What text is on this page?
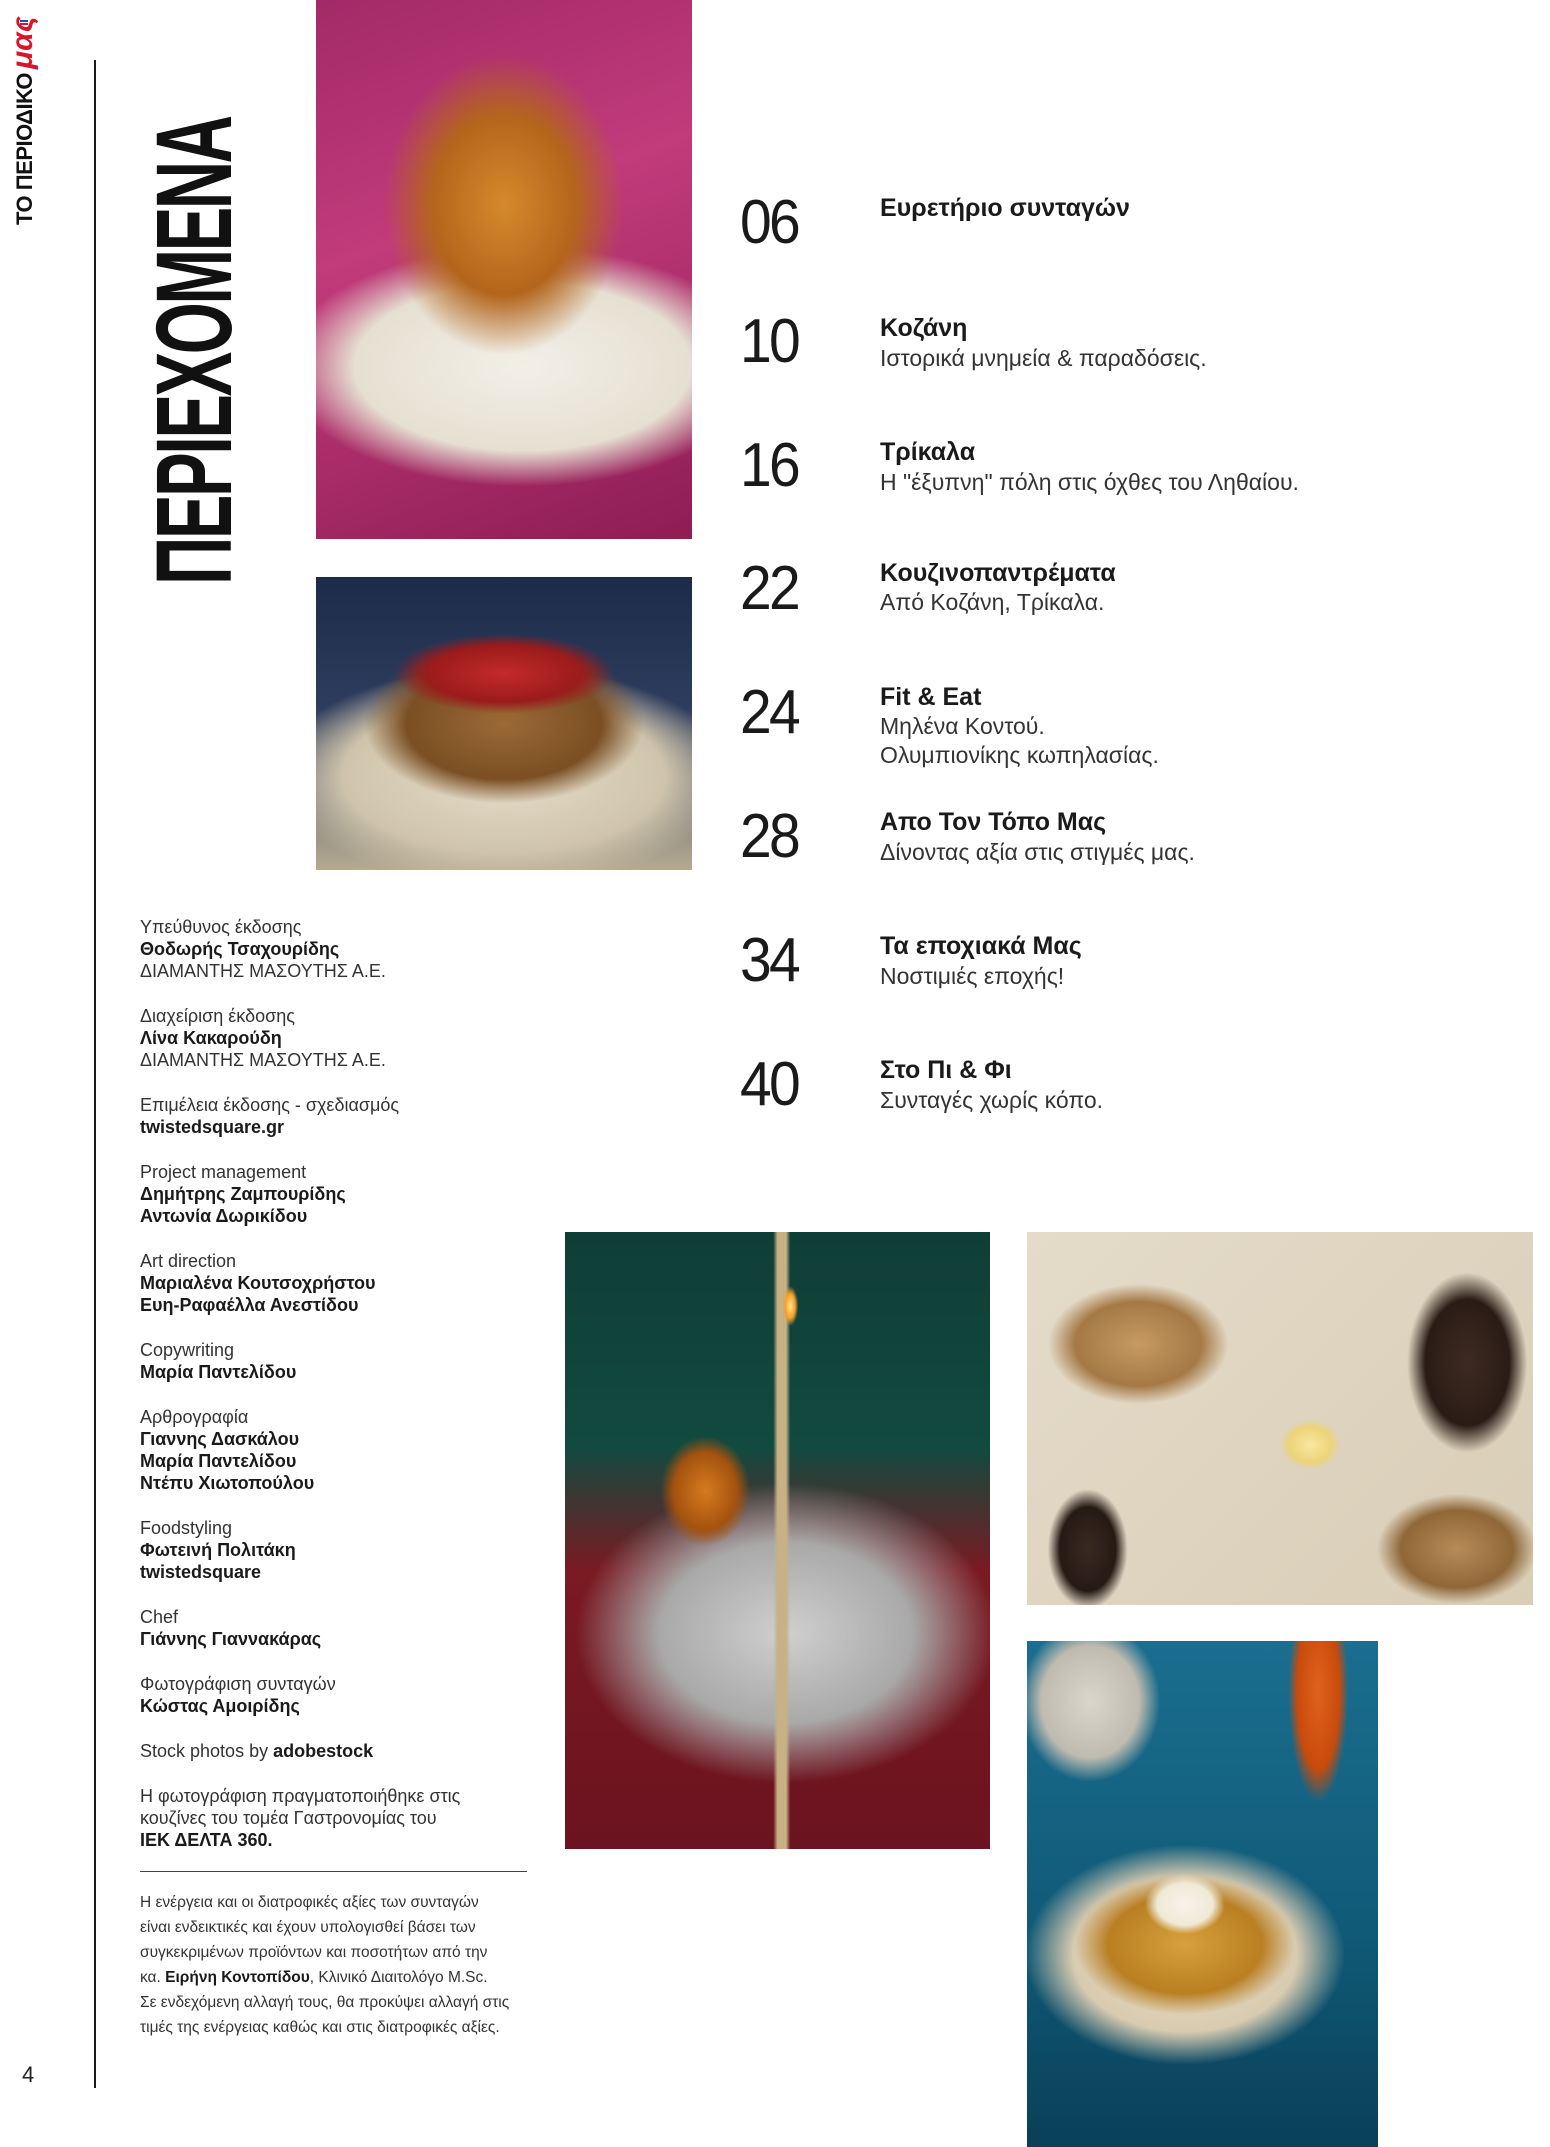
ΤΟ ΠΕΡΙΟΔΙΚΟμας
4
ΠΕΡΙΕΧΟΜΕΝΑ	06	Ευρετήριο συνταγών
10	Κοζάνη
Ιστορικά μνημεία & παραδόσεις.
16	Τρίκαλα
Η "έξυπνη" πόλη στις όχθες του Ληθαίου.
22	Κουζινοπαντρέματα
Από Κοζάνη, Τρίκαλα.
24	Fit & Eat
Μηλένα Κοντού.
Ολυμπιονίκης κωπηλασίας.
28	Απο Τον Τόπο Μας
Δίνοντας αξία στις στιγμές μας.
34	Τα εποχιακά Μας
Νοστιμιές εποχής!
40	Στο Πι & Φι
Συνταγές χωρίς κόπο.
Υπεύθυνος έκδοσης
Θοδωρής Τσαχουρίδης
ΔΙΑΜΑΝΤΗΣ ΜΑΣΟΥΤΗΣ Α.Ε.
Διαχείριση έκδοσης
Λίνα Κακαρούδη
ΔΙΑΜΑΝΤΗΣ ΜΑΣΟΥΤΗΣ Α.Ε.
Επιμέλεια έκδοσης - σχεδιασμός
twistedsquare.gr
Project management
Δημήτρης Ζαμπουρίδης
Αντωνία Δωρικίδου
Art direction
Μαριαλένα Κουτσοχρήστου
Ευη-Ραφαέλλα Ανεστίδου
Copywriting
Μαρία Παντελίδου
Αρθρογραφία
Γιαννης Δασκάλου
Μαρία Παντελίδου
Ντέπυ Χιωτοπούλου
Foodstyling
Φωτεινή Πολιτάκη
twistedsquare
Chef
Γιάννης Γιαννακάρας
Φωτογράφιση συνταγών
Κώστας Αμοιρίδης
Stock photos by adobestock
Η φωτογράφιση πραγματοποιήθηκε στις
κουζίνες του τομέα Γαστρονομίας του
ΙΕΚ ΔΕΛΤΑ 360.
Η ενέργεια και οι διατροφικές αξίες των συνταγών
είναι ενδεικτικές και έχουν υπολογισθεί βάσει των
συγκεκριμένων προϊόντων και ποσοτήτων από την
κα. Ειρήνη Κοντοπίδου, Κλινικό Διαιτολόγο M.Sc.
Σε ενδεχόμενη αλλαγή τους, θα προκύψει αλλαγή στις
τιμές της ενέργειας καθώς και στις διατροφικές αξίες.
